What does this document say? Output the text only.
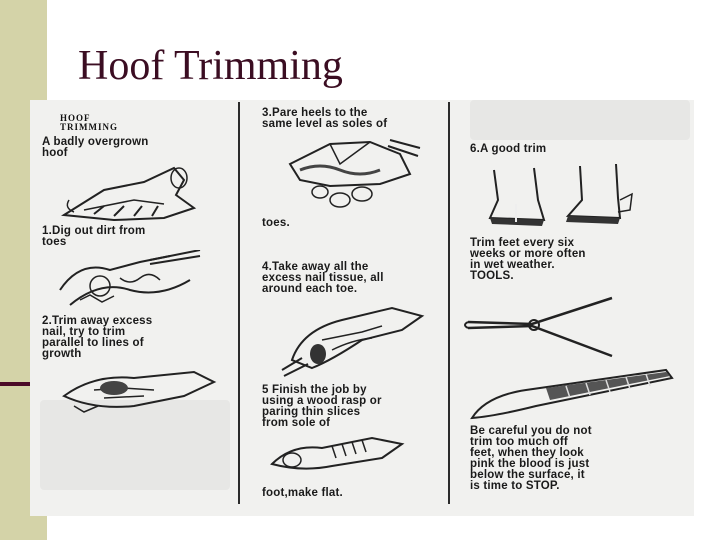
Hoof Trimming
HOOF
TRIMMING
A badly overgrown
hoof
1.Dig out dirt from
toes
2.Trim away excess
nail, try to trim
parallel to lines of
growth
3.Pare heels to the
same level as soles of
toes.
4.Take away all the
excess nail tissue, all
around each toe.
5 Finish the job by
using a wood rasp or
paring thin slices
from sole of
foot,make flat.
6.A good trim
Trim feet every six
weeks or more often
in wet weather.
TOOLS.
Be careful you do not
trim too much off
feet, when they look
pink the blood is just
below the surface, it
is time to STOP.
